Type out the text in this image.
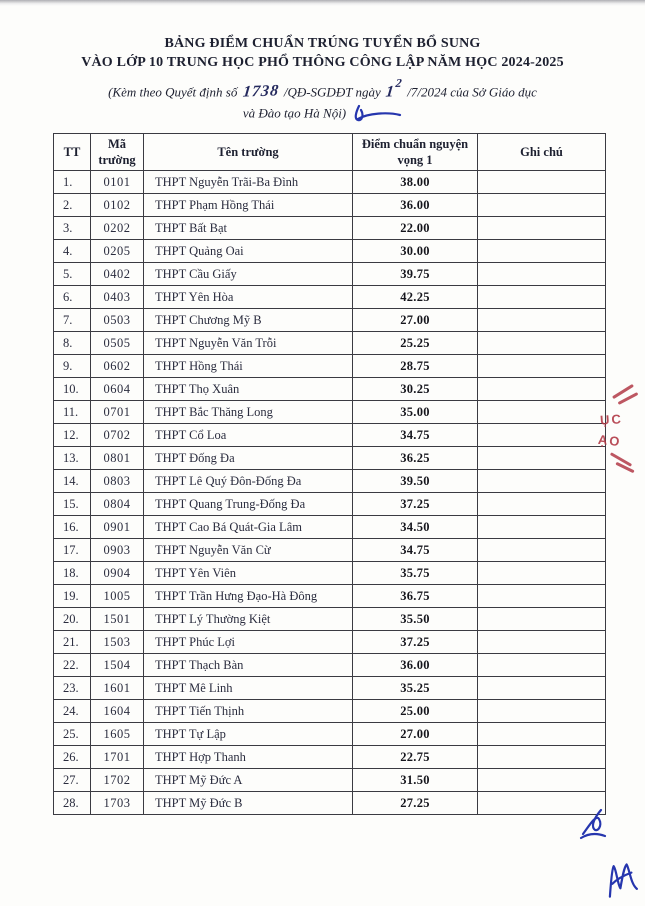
BẢNG ĐIỂM CHUẨN TRÚNG TUYỂN BỔ SUNG
VÀO LỚP 10 TRUNG HỌC PHỔ THÔNG CÔNG LẬP NĂM HỌC 2024-2025
(Kèm theo Quyết định số 1738 /QĐ-SGDĐT ngày $1^2$ /7/2024 của Sở Giáo dục
và Đào tạo Hà Nội)
TT	Mã trường	Tên trường	Điểm chuẩn nguyện vọng 1	Ghi chú
1.	0101	THPT Nguyễn Trãi-Ba Đình	38.00	
2.	0102	THPT Phạm Hồng Thái	36.00	
3.	0202	THPT Bất Bạt	22.00	
4.	0205	THPT Quảng Oai	30.00	
5.	0402	THPT Cầu Giấy	39.75	
6.	0403	THPT Yên Hòa	42.25	
7.	0503	THPT Chương Mỹ B	27.00	
8.	0505	THPT Nguyễn Văn Trỗi	25.25	
9.	0602	THPT Hồng Thái	28.75	
10.	0604	THPT Thọ Xuân	30.25	
11.	0701	THPT Bắc Thăng Long	35.00	
12.	0702	THPT Cổ Loa	34.75	
13.	0801	THPT Đống Đa	36.25	
14.	0803	THPT Lê Quý Đôn-Đống Đa	39.50	
15.	0804	THPT Quang Trung-Đống Đa	37.25	
16.	0901	THPT Cao Bá Quát-Gia Lâm	34.50	
17.	0903	THPT Nguyễn Văn Cừ	34.75	
18.	0904	THPT Yên Viên	35.75	
19.	1005	THPT Trần Hưng Đạo-Hà Đông	36.75	
20.	1501	THPT Lý Thường Kiệt	35.50	
21.	1503	THPT Phúc Lợi	37.25	
22.	1504	THPT Thạch Bàn	36.00	
23.	1601	THPT Mê Linh	35.25	
24.	1604	THPT Tiến Thịnh	25.00	
25.	1605	THPT Tự Lập	27.00	
26.	1701	THPT Hợp Thanh	22.75	
27.	1702	THPT Mỹ Đức A	31.50	
28.	1703	THPT Mỹ Đức B	27.25	
ỤC
ẠO
